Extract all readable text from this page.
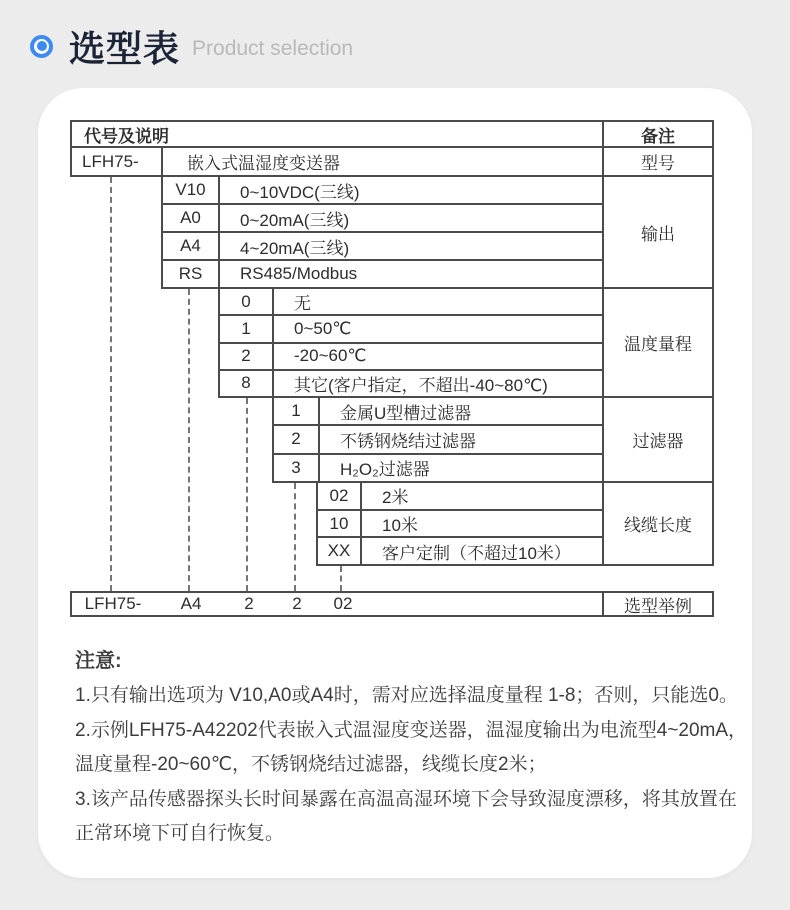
选型表 Product selection
代号及说明	备注
LFH75-	嵌入式温湿度变送器	型号
V10	0~10VDC(三线)
A0	0~20mA(三线)
A4	4~20mA(三线)
RS	RS485/Modbus
输出
0	无
1	0~50℃
2	-20~60℃
8	其它(客户指定，不超出-40~80℃)
温度量程
1	金属U型槽过滤器
2	不锈钢烧结过滤器
3	H₂O₂过滤器
过滤器
02	2米
10	10米
XX	客户定制（不超过10米）
线缆长度
LFH75- A4	2 2 02	选型举例
注意:
1.只有输出选项为 V10,A0或A4时，需对应选择温度量程 1-8；否则，只能选0。
2.示例LFH75-A42202代表嵌入式温湿度变送器，温湿度输出为电流型4~20mA，
温度量程-20~60℃，不锈钢烧结过滤器，线缆长度2米；
3.该产品传感器探头长时间暴露在高温高湿环境下会导致湿度漂移，将其放置在
正常环境下可自行恢复。
